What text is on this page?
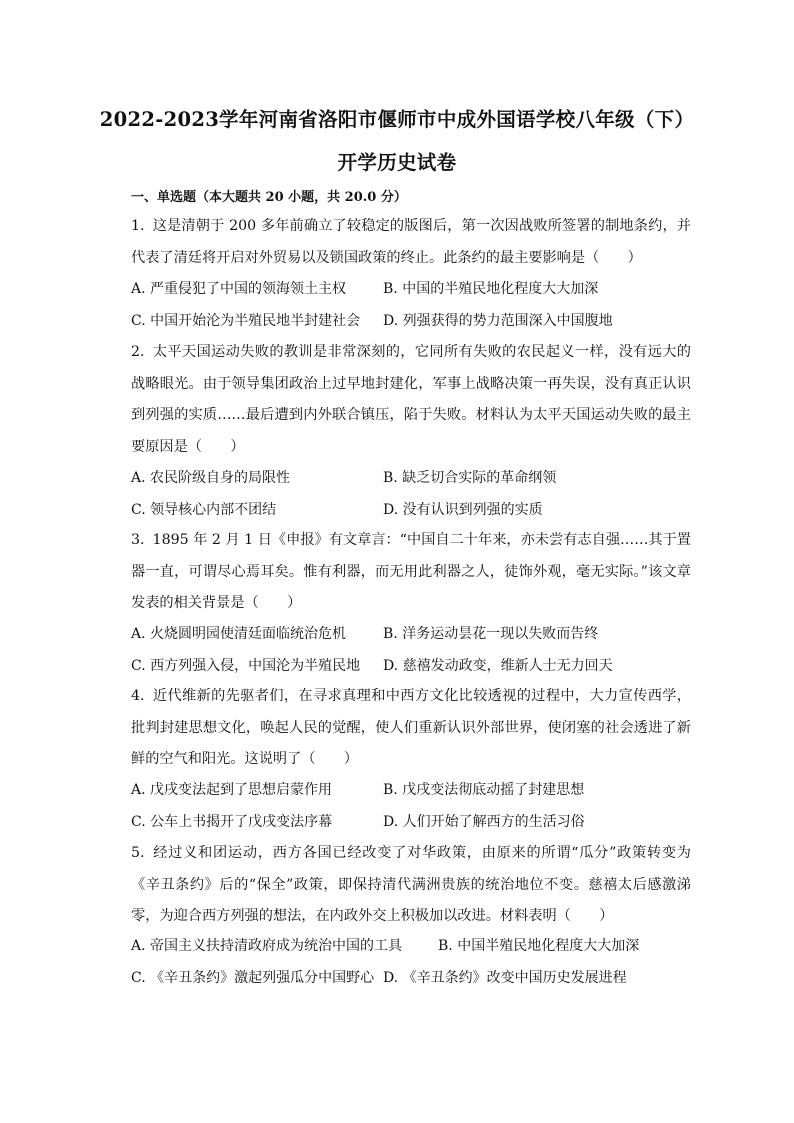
2022-2023学年河南省洛阳市偃师市中成外国语学校八年级（下）
开学历史试卷
一、单选题（本大题共 20 小题，共 20.0 分）
1. 这是清朝于 200 多年前确立了较稳定的版图后，第一次因战败所签署的制地条约，并代表了清廷将开启对外贸易以及锁国政策的终止。此条约的最主要影响是（　　）
A. 严重侵犯了中国的领海领土主权	B. 中国的半殖民地化程度大大加深
C. 中国开始沦为半殖民地半封建社会 D. 列强获得的势力范围深入中国腹地
2. 太平天国运动失败的教训是非常深刻的，它同所有失败的农民起义一样，没有远大的战略眼光。由于领导集团政治上过早地封建化，军事上战略决策一再失误，没有真正认识到列强的实质……最后遭到内外联合镇压，陷于失败。材料认为太平天国运动失败的最主要原因是（　　）
A. 农民阶级自身的局限性	B. 缺乏切合实际的革命纲领
C. 领导核心内部不团结	D. 没有认识到列强的实质
3. 1895 年 2 月 1 日《申报》有文章言：“中国自二十年来，亦未尝有志自强……其于置器一直，可谓尽心焉耳矣。惟有利器，而无用此利器之人，徒饰外观，毫无实际。”该文章发表的相关背景是（　　）
A. 火烧圆明园使清廷面临统治危机	B. 洋务运动昙花一现以失败而告终
C. 西方列强入侵，中国沦为半殖民地 D. 慈禧发动政变，维新人士无力回天
4. 近代维新的先驱者们，在寻求真理和中西方文化比较透视的过程中，大力宣传西学，批判封建思想文化，唤起人民的觉醒，使人们重新认识外部世界，使闭塞的社会透进了新鲜的空气和阳光。这说明了（　　）
A. 戊戌变法起到了思想启蒙作用	B. 戊戌变法彻底动摇了封建思想
C. 公车上书揭开了戊戌变法序幕	D. 人们开始了解西方的生活习俗
5. 经过义和团运动，西方各国已经改变了对华政策，由原来的所谓“瓜分”政策转变为《辛丑条约》后的“保全”政策，即保持清代满洲贵族的统治地位不变。慈禧太后感激涕零，为迎合西方列强的想法，在内政外交上积极加以改进。材料表明（　　）
A. 帝国主义扶持清政府成为统治中国的工具	B. 中国半殖民地化程度大大加深
C. 《辛丑条约》激起列强瓜分中国野心 D. 《辛丑条约》改变中国历史发展进程
